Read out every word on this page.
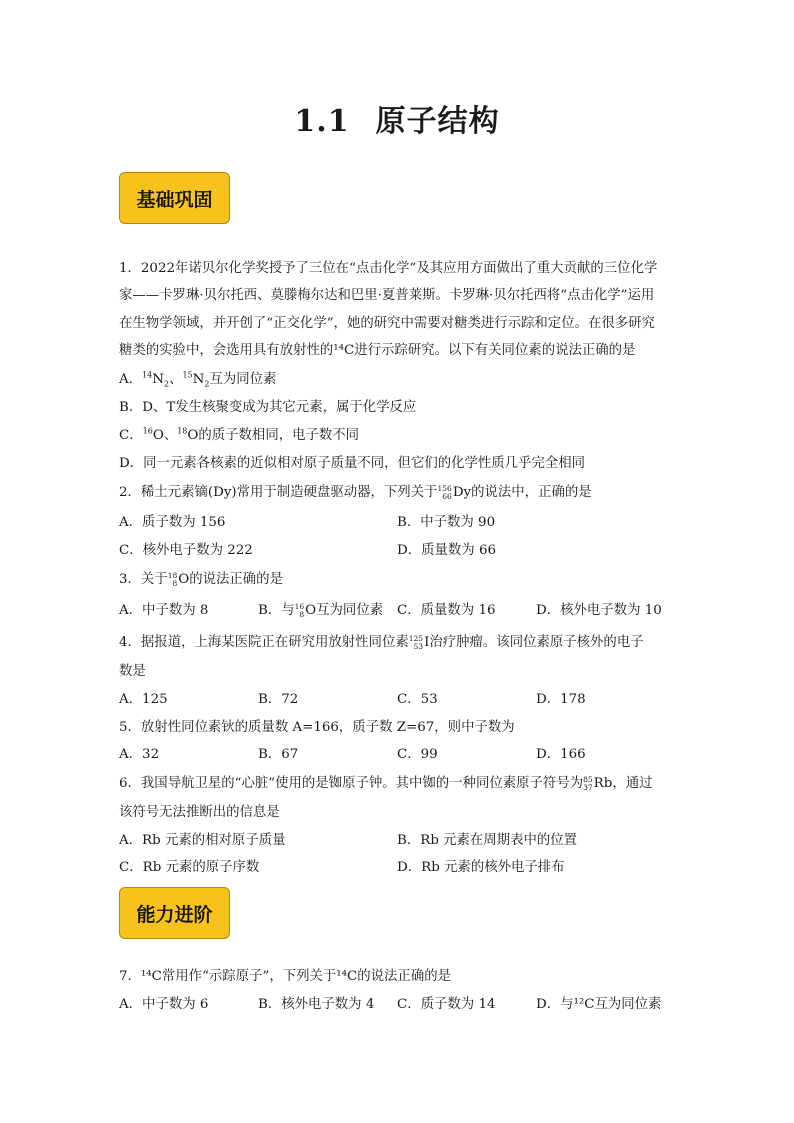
1.1 原子结构
基础巩固
1．2022年诺贝尔化学奖授予了三位在“点击化学”及其应用方面做出了重大贡献的三位化学
家——卡罗琳·贝尔托西、莫滕梅尔达和巴里·夏普莱斯。卡罗琳·贝尔托西将“点击化学”运用
在生物学领域，并开创了“正交化学”，她的研究中需要对糖类进行示踪和定位。在很多研究
糖类的实验中，会选用具有放射性的¹⁴C进行示踪研究。以下有关同位素的说法正确的是
A．$^{14}N_2$、$^{15}N_2$互为同位素
B．D、T发生核聚变成为其它元素，属于化学反应
C．$^{16}$O、$^{18}$O的质子数相同，电子数不同
D．同一元素各核素的近似相对原子质量不同，但它们的化学性质几乎完全相同
2．稀土元素镝(Dy)常用于制造硬盘驱动器，下列关于 156
66 Dy的说法中，正确的是
A．质子数为 156	B．中子数为 90
C．核外电子数为 222	D．质量数为 66
3．关于 18
8 O的说法正确的是
A．中子数为 8	B．与 16
8 O互为同位素 C．质量数为 16	D．核外电子数为 10
4．据报道，上海某医院正在研究用放射性同位素 125
53 I治疗肿瘤。该同位素原子核外的电子
数是
A．125	B．72	C．53	D．178
5．放射性同位素钬的质量数 A=166，质子数 Z=67，则中子数为
A．32	B．67	C．99	D．166
6．我国导航卫星的“心脏”使用的是铷原子钟。其中铷的一种同位素原子符号为 85
37 Rb，通过
该符号无法推断出的信息是
A．Rb 元素的相对原子质量	B．Rb 元素在周期表中的位置
C．Rb 元素的原子序数	D．Rb 元素的核外电子排布
能力进阶
7．¹⁴C常用作“示踪原子”，下列关于¹⁴C的说法正确的是
A．中子数为 6	B．核外电子数为 4 C．质子数为 14	D．与¹²C互为同位素
